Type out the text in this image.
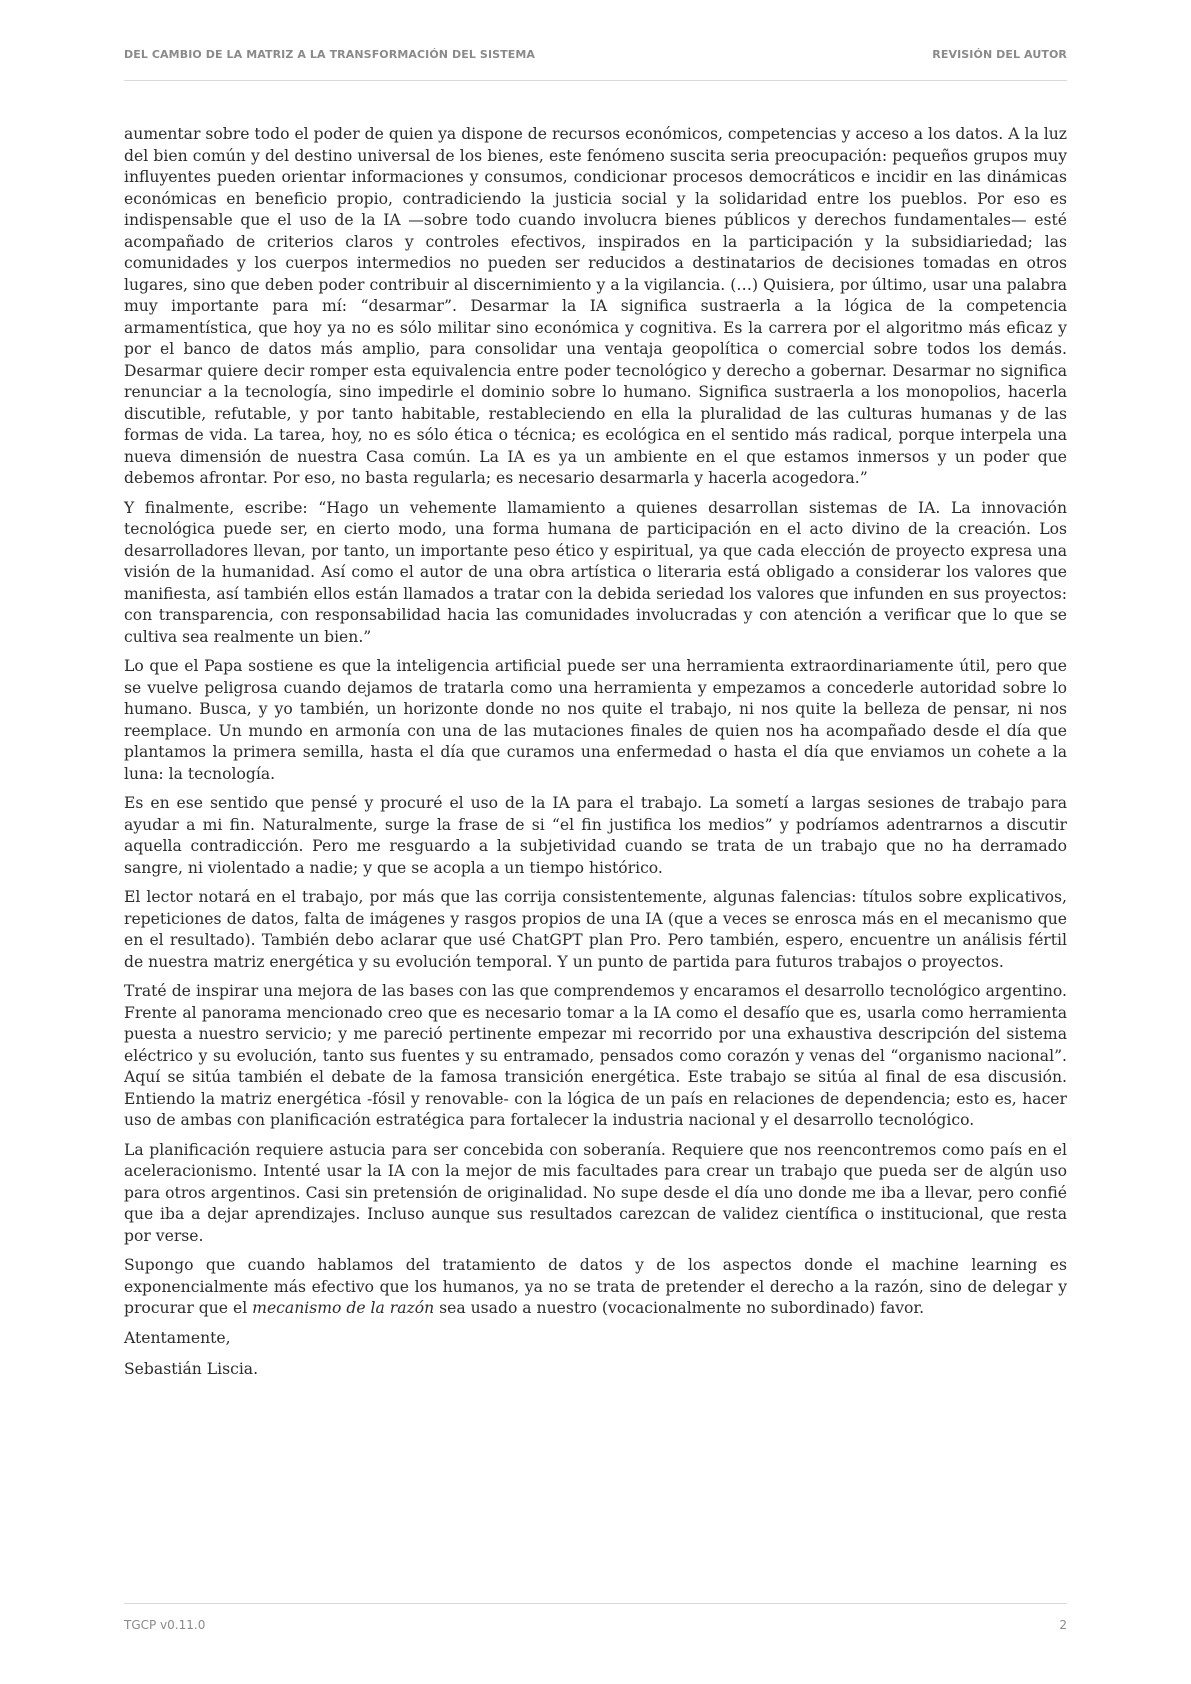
DEL CAMBIO DE LA MATRIZ A LA TRANSFORMACIÓN DEL SISTEMA	REVISIÓN DEL AUTOR

aumentar sobre todo el poder de quien ya dispone de recursos económicos, competencias y acceso a los datos. A la luz del bien común y del destino universal de los bienes, este fenómeno suscita seria preocupación: pequeños grupos muy influyentes pueden orientar informaciones y consumos, condicionar procesos democráticos e incidir en las dinámicas económicas en beneficio propio, contradiciendo la justicia social y la solidaridad entre los pueblos. Por eso es indispensable que el uso de la IA —sobre todo cuando involucra bienes públicos y derechos fundamentales— esté acompañado de criterios claros y controles efectivos, inspirados en la participación y la subsidiariedad; las comunidades y los cuerpos intermedios no pueden ser reducidos a destinatarios de decisiones tomadas en otros lugares, sino que deben poder contribuir al discernimiento y a la vigilancia. (…) Quisiera, por último, usar una palabra muy importante para mí: “desarmar”. Desarmar la IA significa sustraerla a la lógica de la competencia armamentística, que hoy ya no es sólo militar sino económica y cognitiva. Es la carrera por el algoritmo más eficaz y por el banco de datos más amplio, para consolidar una ventaja geopolítica o comercial sobre todos los demás. Desarmar quiere decir romper esta equivalencia entre poder tecnológico y derecho a gobernar. Desarmar no significa renunciar a la tecnología, sino impedirle el dominio sobre lo humano. Significa sustraerla a los monopolios, hacerla discutible, refutable, y por tanto habitable, restableciendo en ella la pluralidad de las culturas humanas y de las formas de vida. La tarea, hoy, no es sólo ética o técnica; es ecológica en el sentido más radical, porque interpela una nueva dimensión de nuestra Casa común. La IA es ya un ambiente en el que estamos inmersos y un poder que debemos afrontar. Por eso, no basta regularla; es necesario desarmarla y hacerla acogedora.”

Y finalmente, escribe: “Hago un vehemente llamamiento a quienes desarrollan sistemas de IA. La innovación tecnológica puede ser, en cierto modo, una forma humana de participación en el acto divino de la creación. Los desarrolladores llevan, por tanto, un importante peso ético y espiritual, ya que cada elección de proyecto expresa una visión de la humanidad. Así como el autor de una obra artística o literaria está obligado a considerar los valores que manifiesta, así también ellos están llamados a tratar con la debida seriedad los valores que infunden en sus proyectos: con transparencia, con responsabilidad hacia las comunidades involucradas y con atención a verificar que lo que se cultiva sea realmente un bien.”

Lo que el Papa sostiene es que la inteligencia artificial puede ser una herramienta extraordinariamente útil, pero que se vuelve peligrosa cuando dejamos de tratarla como una herramienta y empezamos a concederle autoridad sobre lo humano. Busca, y yo también, un horizonte donde no nos quite el trabajo, ni nos quite la belleza de pensar, ni nos reemplace. Un mundo en armonía con una de las mutaciones finales de quien nos ha acompañado desde el día que plantamos la primera semilla, hasta el día que curamos una enfermedad o hasta el día que enviamos un cohete a la luna: la tecnología.

Es en ese sentido que pensé y procuré el uso de la IA para el trabajo. La sometí a largas sesiones de trabajo para ayudar a mi fin. Naturalmente, surge la frase de si “el fin justifica los medios” y podríamos adentrarnos a discutir aquella contradicción. Pero me resguardo a la subjetividad cuando se trata de un trabajo que no ha derramado sangre, ni violentado a nadie; y que se acopla a un tiempo histórico.

El lector notará en el trabajo, por más que las corrija consistentemente, algunas falencias: títulos sobre explicativos, repeticiones de datos, falta de imágenes y rasgos propios de una IA (que a veces se enrosca más en el mecanismo que en el resultado). También debo aclarar que usé ChatGPT plan Pro. Pero también, espero, encuentre un análisis fértil de nuestra matriz energética y su evolución temporal. Y un punto de partida para futuros trabajos o proyectos.

Traté de inspirar una mejora de las bases con las que comprendemos y encaramos el desarrollo tecnológico argentino. Frente al panorama mencionado creo que es necesario tomar a la IA como el desafío que es, usarla como herramienta puesta a nuestro servicio; y me pareció pertinente empezar mi recorrido por una exhaustiva descripción del sistema eléctrico y su evolución, tanto sus fuentes y su entramado, pensados como corazón y venas del “organismo nacional”. Aquí se sitúa también el debate de la famosa transición energética. Este trabajo se sitúa al final de esa discusión. Entiendo la matriz energética -fósil y renovable- con la lógica de un país en relaciones de dependencia; esto es, hacer uso de ambas con planificación estratégica para fortalecer la industria nacional y el desarrollo tecnológico.

La planificación requiere astucia para ser concebida con soberanía. Requiere que nos reencontremos como país en el aceleracionismo. Intenté usar la IA con la mejor de mis facultades para crear un trabajo que pueda ser de algún uso para otros argentinos. Casi sin pretensión de originalidad. No supe desde el día uno donde me iba a llevar, pero confié que iba a dejar aprendizajes. Incluso aunque sus resultados carezcan de validez científica o institucional, que resta por verse.

Supongo que cuando hablamos del tratamiento de datos y de los aspectos donde el machine learning es exponencialmente más efectivo que los humanos, ya no se trata de pretender el derecho a la razón, sino de delegar y procurar que el mecanismo de la razón sea usado a nuestro (vocacionalmente no subordinado) favor.

Atentamente,

Sebastián Liscia.

TGCP v0.11.0	2
